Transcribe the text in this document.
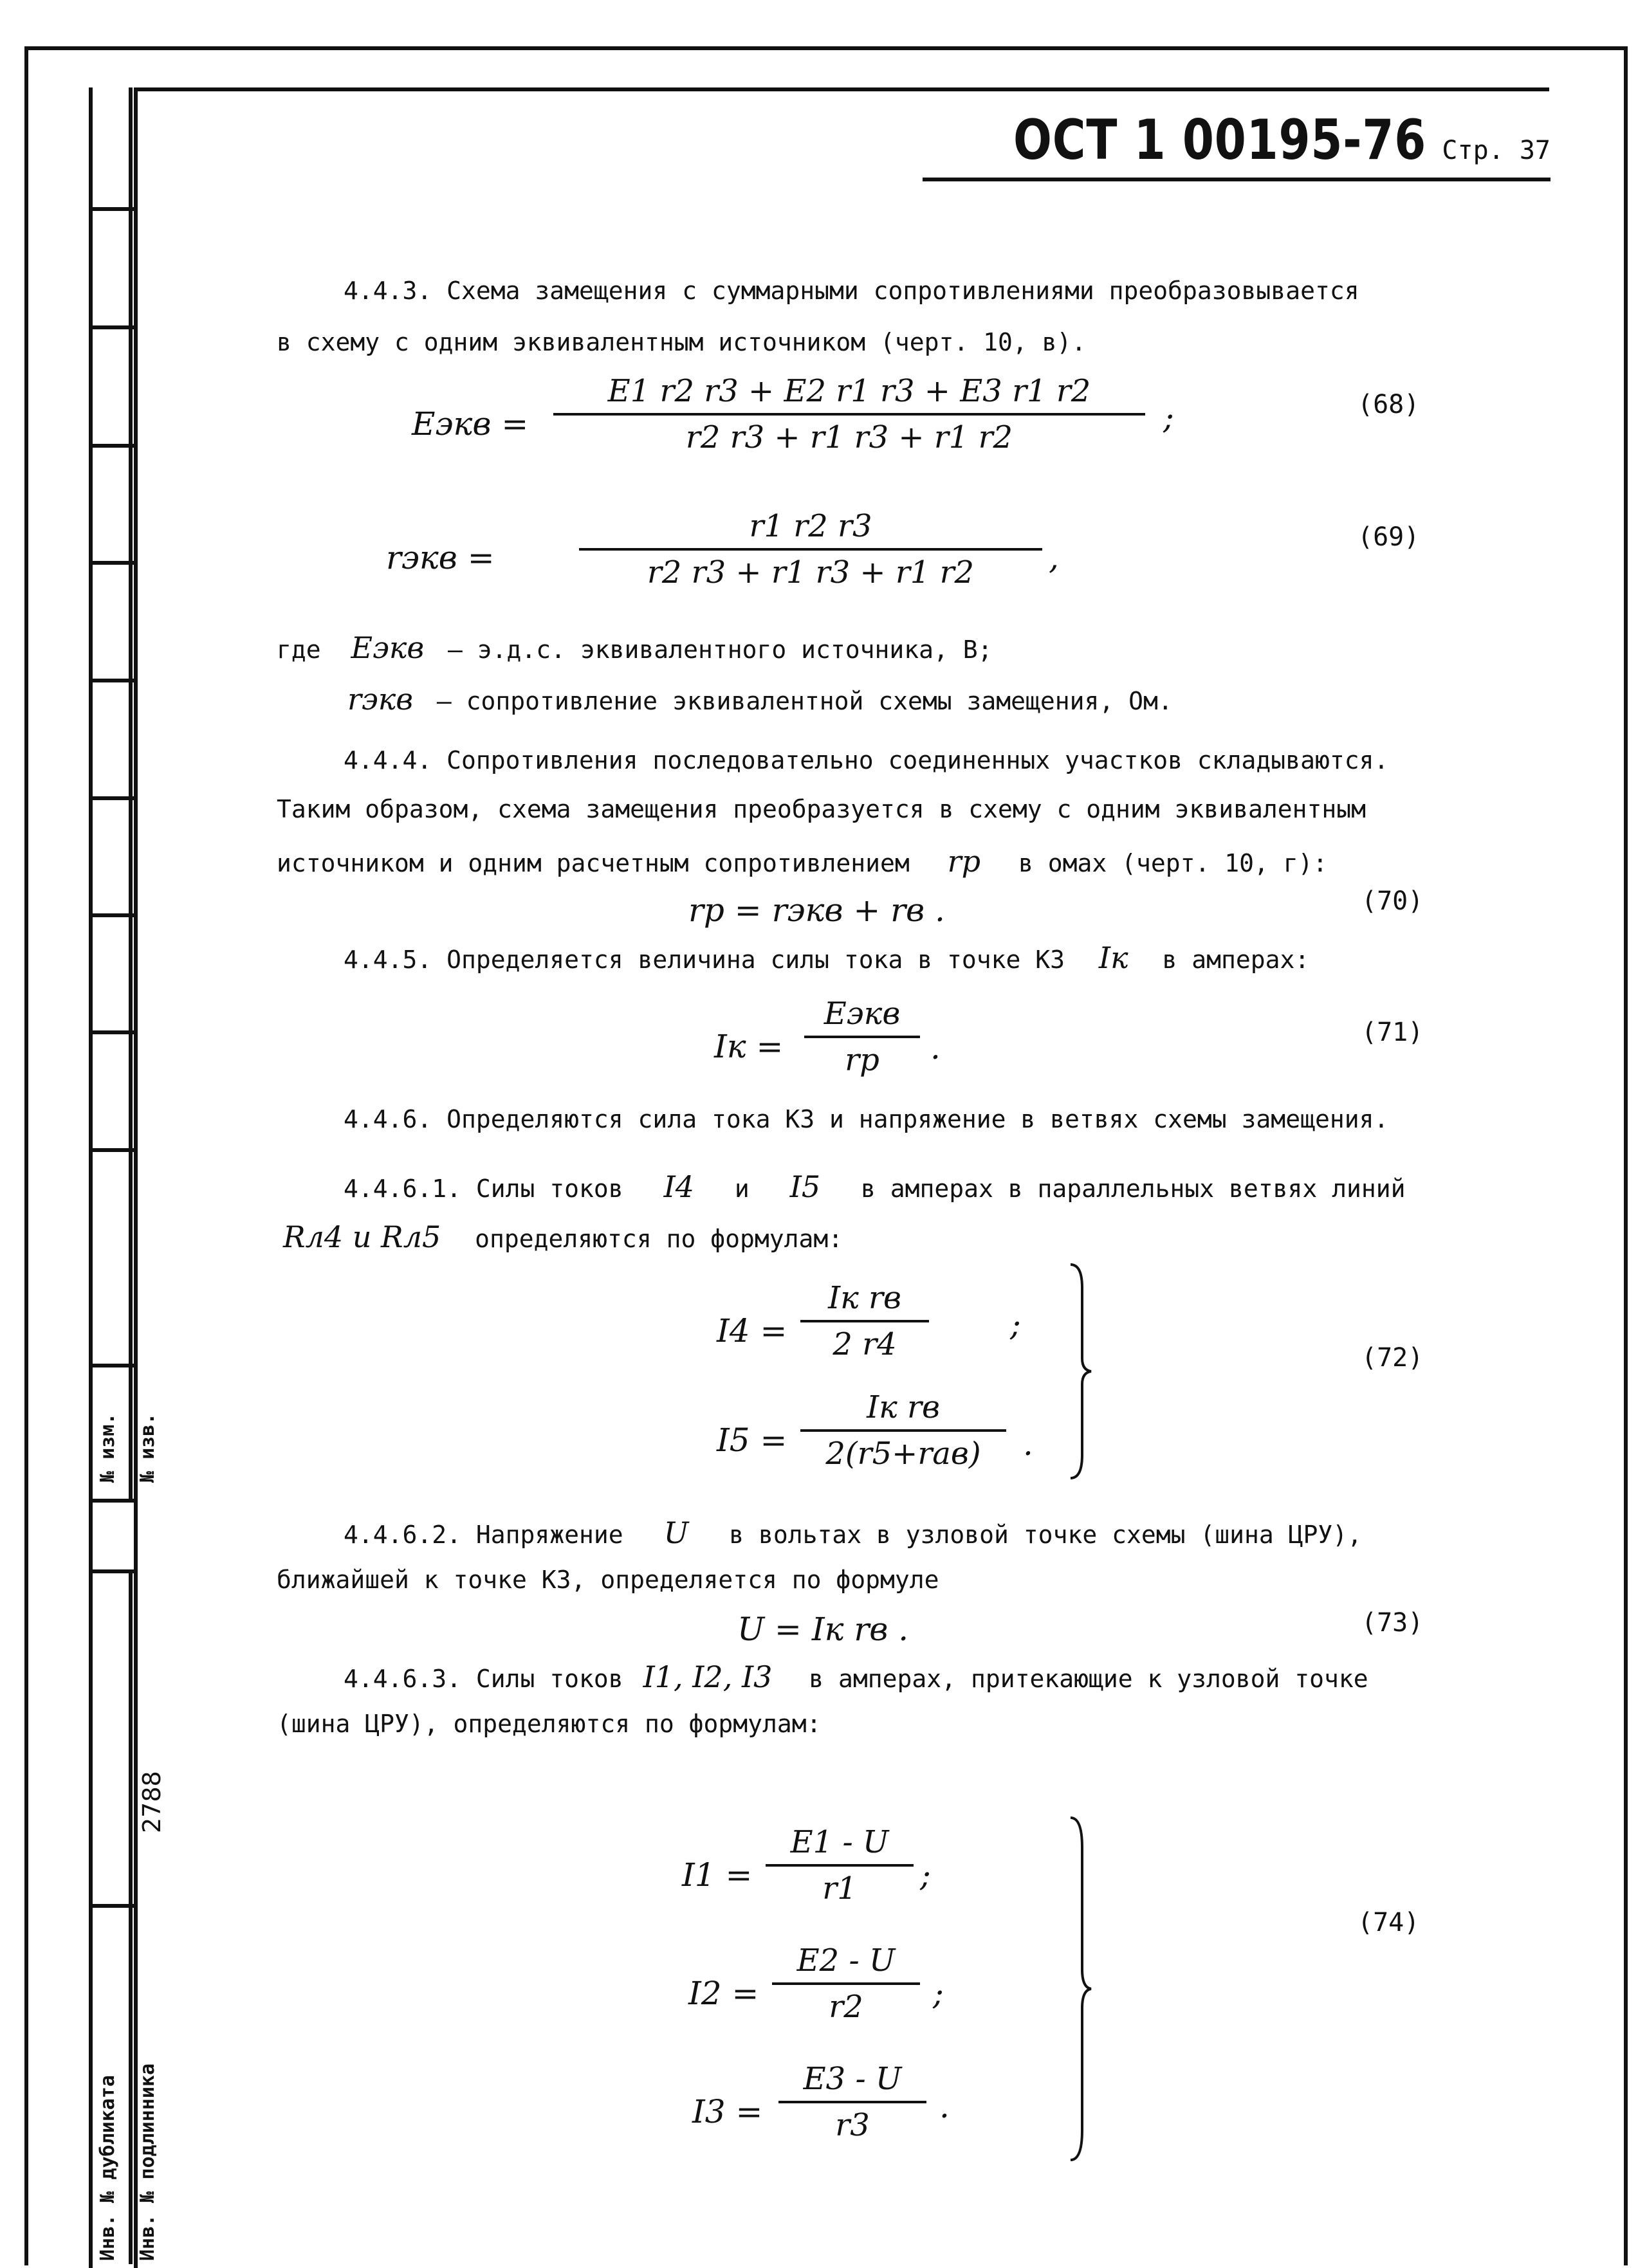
№ изм. № изв.
2788
Инв. № дубликата Инв. № подлинника
ОСТ 1 00195-76 Стр. 37
4.4.3. Схема замещения с суммарными сопротивлениями преобразовывается
в схему с одним эквивалентным источником (черт. 10, в).
Eэкв = $\frac{E1 r2 r3 + E2 r1 r3 + E3 r1 r2}{r2 r3 + r1 r3 + r1 r2}$ ;	(68)
rэкв =	$\frac{r1 r2 r3}{r2 r3 + r1 r3 + r1 r2}$ ,
(69)
где Eэкв – э.д.с. эквивалентного источника, В;
rэкв – сопротивление эквивалентной схемы замещения, Ом.
4.4.4. Сопротивления последовательно соединенных участков складываются.
Таким образом, схема замещения преобразуется в схему с одним эквивалентным
источником и одним расчетным сопротивлением rp в омах (черт. 10, г):
rp = rэкв + rв .	(70)
4.4.5. Определяется величина силы тока в точке КЗ Iк в амперах:
Iк =
Eэкв
rp	.	(71)
4.4.6. Определяются сила тока КЗ и напряжение в ветвях схемы замещения.
4.4.6.1. Силы токов I4 и I5 в амперах в параллельных ветвях линий
Rл4 и Rл5 определяются по формулам:
I4 =
Iк rв
2 r4
;
I5 =
Iк rв
2(r5+raв)	.
(72)
4.4.6.2. Напряжение U в вольтах в узловой точке схемы (шина ЦРУ),
ближайшей к точке КЗ, определяется по формуле
U = Iк rв .	(73)
4.4.6.3. Силы токов I1, I2, I3 в амперах, притекающие к узловой точке
(шина ЦРУ), определяются по формулам:
$I1 = \frac{E1 - U}{r1}$ ;
$I2 = \frac{E2 - U}{r2}$ ;
$I3 = \frac{E3 - U}{r3}$ .
(74)
